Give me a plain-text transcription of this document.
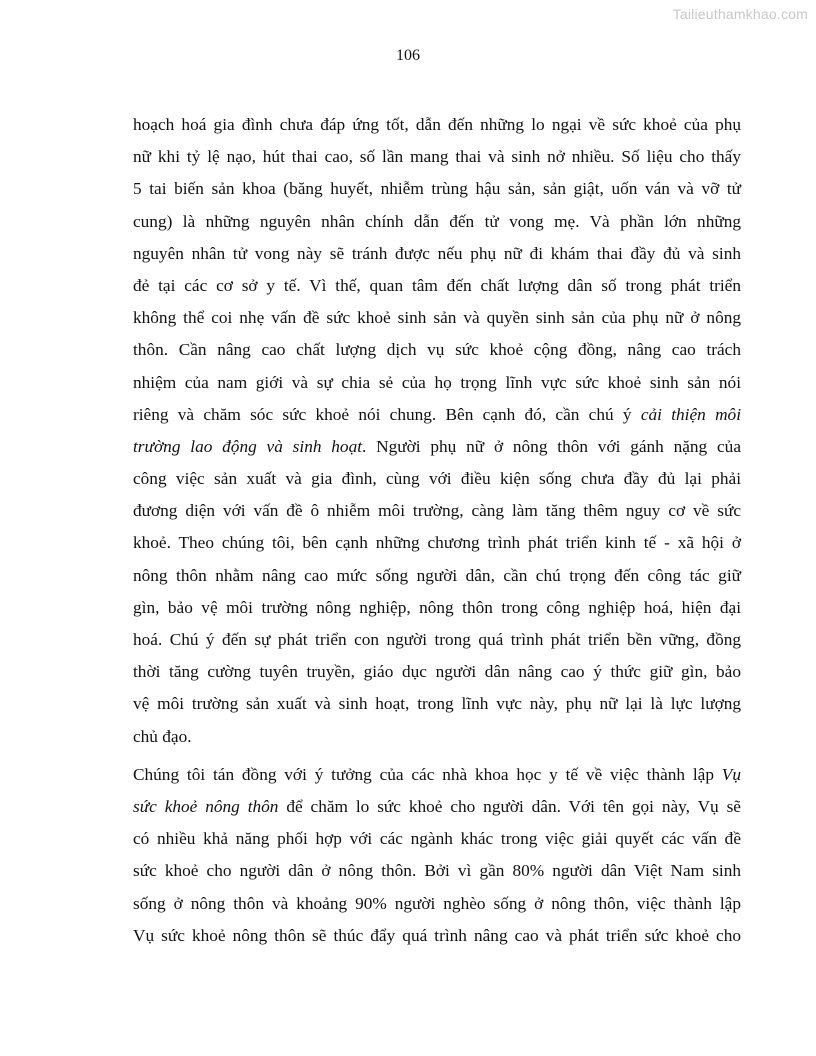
Tailieuthamkhao.com
106
hoạch hoá gia đình chưa đáp ứng tốt, dẫn đến những lo ngại về sức khoẻ của phụ
nữ khi tỷ lệ nạo, hút thai cao, số lần mang thai và sinh nở nhiều. Số liệu cho thấy
5 tai biến sản khoa (băng huyết, nhiễm trùng hậu sản, sản giật, uốn ván và vỡ tử
cung) là những nguyên nhân chính dẫn đến tử vong mẹ. Và phần lớn những
nguyên nhân tử vong này sẽ tránh được nếu phụ nữ đi khám thai đầy đủ và sinh
đẻ tại các cơ sở y tế. Vì thế, quan tâm đến chất lượng dân số trong phát triển
không thể coi nhẹ vấn đề sức khoẻ sinh sản và quyền sinh sản của phụ nữ ở nông
thôn. Cần nâng cao chất lượng dịch vụ sức khoẻ cộng đồng, nâng cao trách
nhiệm của nam giới và sự chia sẻ của họ trọng lĩnh vực sức khoẻ sinh sản nói
riêng và chăm sóc sức khoẻ nói chung. Bên cạnh đó, cần chú ý cải thiện môi
trường lao động và sinh hoạt. Người phụ nữ ở nông thôn với gánh nặng của
công việc sản xuất và gia đình, cùng với điều kiện sống chưa đầy đủ lại phải
đương diện với vấn đề ô nhiễm môi trường, càng làm tăng thêm nguy cơ về sức
khoẻ. Theo chúng tôi, bên cạnh những chương trình phát triển kinh tế - xã hội ở
nông thôn nhằm nâng cao mức sống người dân, cần chú trọng đến công tác giữ
gìn, bảo vệ môi trường nông nghiệp, nông thôn trong công nghiệp hoá, hiện đại
hoá. Chú ý đến sự phát triển con người trong quá trình phát triển bền vững, đồng
thời tăng cường tuyên truyền, giáo dục người dân nâng cao ý thức giữ gìn, bảo
vệ môi trường sản xuất và sinh hoạt, trong lĩnh vực này, phụ nữ lại là lực lượng
chủ đạo.
Chúng tôi tán đồng với ý tưởng của các nhà khoa học y tế về việc thành lập Vụ
sức khoẻ nông thôn để chăm lo sức khoẻ cho người dân. Với tên gọi này, Vụ sẽ
có nhiều khả năng phối hợp với các ngành khác trong việc giải quyết các vấn đề
sức khoẻ cho người dân ở nông thôn. Bởi vì gần 80% người dân Việt Nam sinh
sống ở nông thôn và khoảng 90% người nghèo sống ở nông thôn, việc thành lập
Vụ sức khoẻ nông thôn sẽ thúc đẩy quá trình nâng cao và phát triển sức khoẻ cho
